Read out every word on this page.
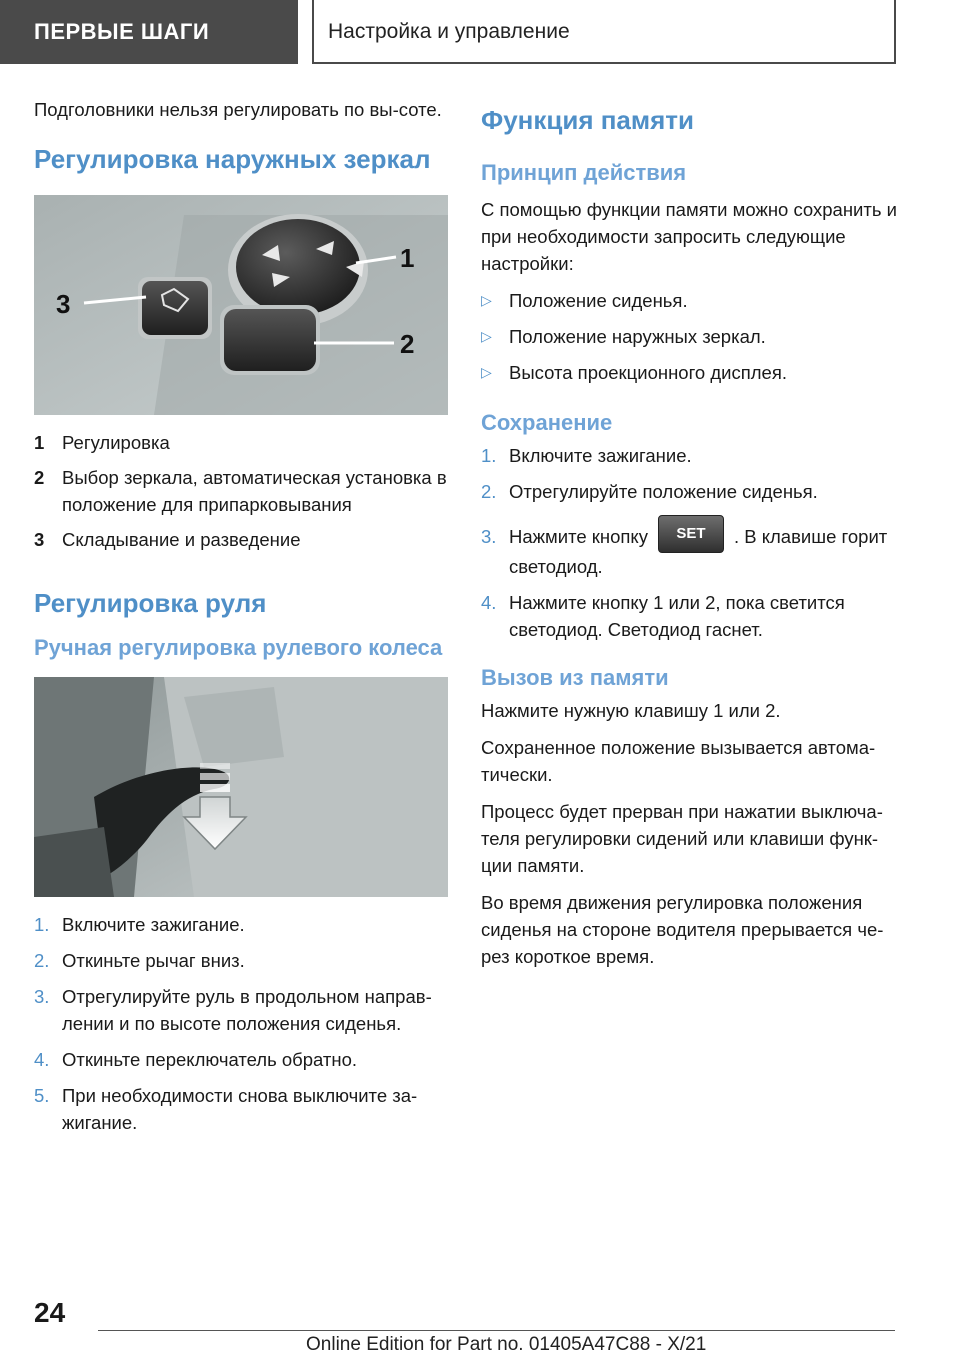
ПЕРВЫЕ ШАГИ	Настройка и управление

Подголовники нельзя регулировать по вы-соте.

Регулировка наружных зеркал
3
1
2
1 Регулировка
2 Выбор зеркала, автоматическая установка в положение для припарковывания
3 Складывание и разведение
Регулировка руля
Ручная регулировка рулевого колеса
1. Включите зажигание.
2. Откиньте рычаг вниз.
3. Отрегулируйте руль в продольном направ-лении и по высоте положения сиденья.
4. Откиньте переключатель обратно.
5. При необходимости снова выключите за-жигание.
Функция памяти
Принцип действия

С помощью функции памяти можно сохранить и при необходимости запросить следующие настройки:

▷ Положение сиденья.
▷ Положение наружных зеркал.
▷ Высота проекционного дисплея.
Сохранение
1. Включите зажигание.
2. Отрегулируйте положение сиденья.
3. Нажмите кнопку SET . В клавише горит светодиод.
4. Нажмите кнопку 1 или 2, пока светится светодиод. Светодиод гаснет.
Вызов из памяти

Нажмите нужную клавишу 1 или 2.

Сохраненное положение вызывается автома-тически.

Процесс будет прерван при нажатии выключа-теля регулировки сидений или клавиши функ-ции памяти.

Во время движения регулировка положения сиденья на стороне водителя прерывается че-рез короткое время.

24
Online Edition for Part no. 01405A47C88 - X/21
